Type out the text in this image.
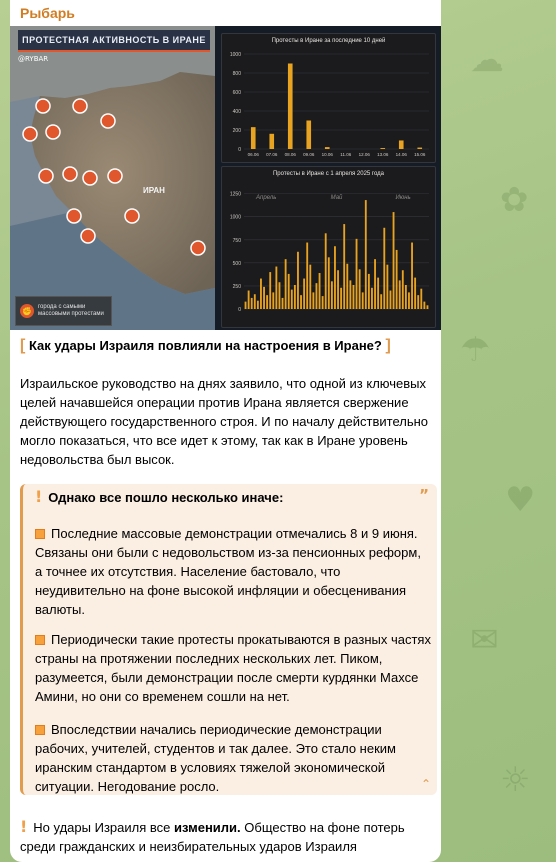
☁
✿
☂
♥
✉
☼
Рыбарь
ПРОТЕСТНАЯ АКТИВНОСТЬ В ИРАНЕ
@RYBAR
ИРАН
✊	города с самыми массовыми протестами
Протесты в Иране за последние 10 дней
0
200
400
600
800
1000
06.06 07.06 08.06 09.06 10.06 11.06 12.06 13.06 14.06 15.06
Протесты в Иране с 1 апреля 2025 года
0
250
500
750
1000
1250
Апрель	Май	Июнь
[ Как удары Израиля повлияли на настроения в Иране? ]
Израильское руководство на днях заявило, что одной из ключевых целей начавшейся операции против Ирана является свержение действующего государственного строя. И по началу действительно могло показаться, что все идет к этому, так как в Иране уровень недовольства был высок.
”
! Однако все пошло несколько иначе:
Последние массовые демонстрации отмечались 8 и 9 июня. Связаны они были с недовольством из-за пенсионных реформ, а точнее их отсутствия. Население бастовало, что неудивительно на фоне высокой инфляции и обесценивания валюты.
Периодически такие протесты прокатываются в разных частях страны на протяжении последних нескольких лет. Пиком, разумеется, были демонстрации после смерти курдянки Махсе Амини, но они со временем сошли на нет.
Впоследствии начались периодические демонстрации рабочих, учителей, студентов и так далее. Это стало неким иранским стандартом в условиях тяжелой экономической ситуации. Негодование росло.	⌃
! Но удары Израиля все изменили. Общество на фоне потерь среди гражданских и неизбирательных ударов Израиля
